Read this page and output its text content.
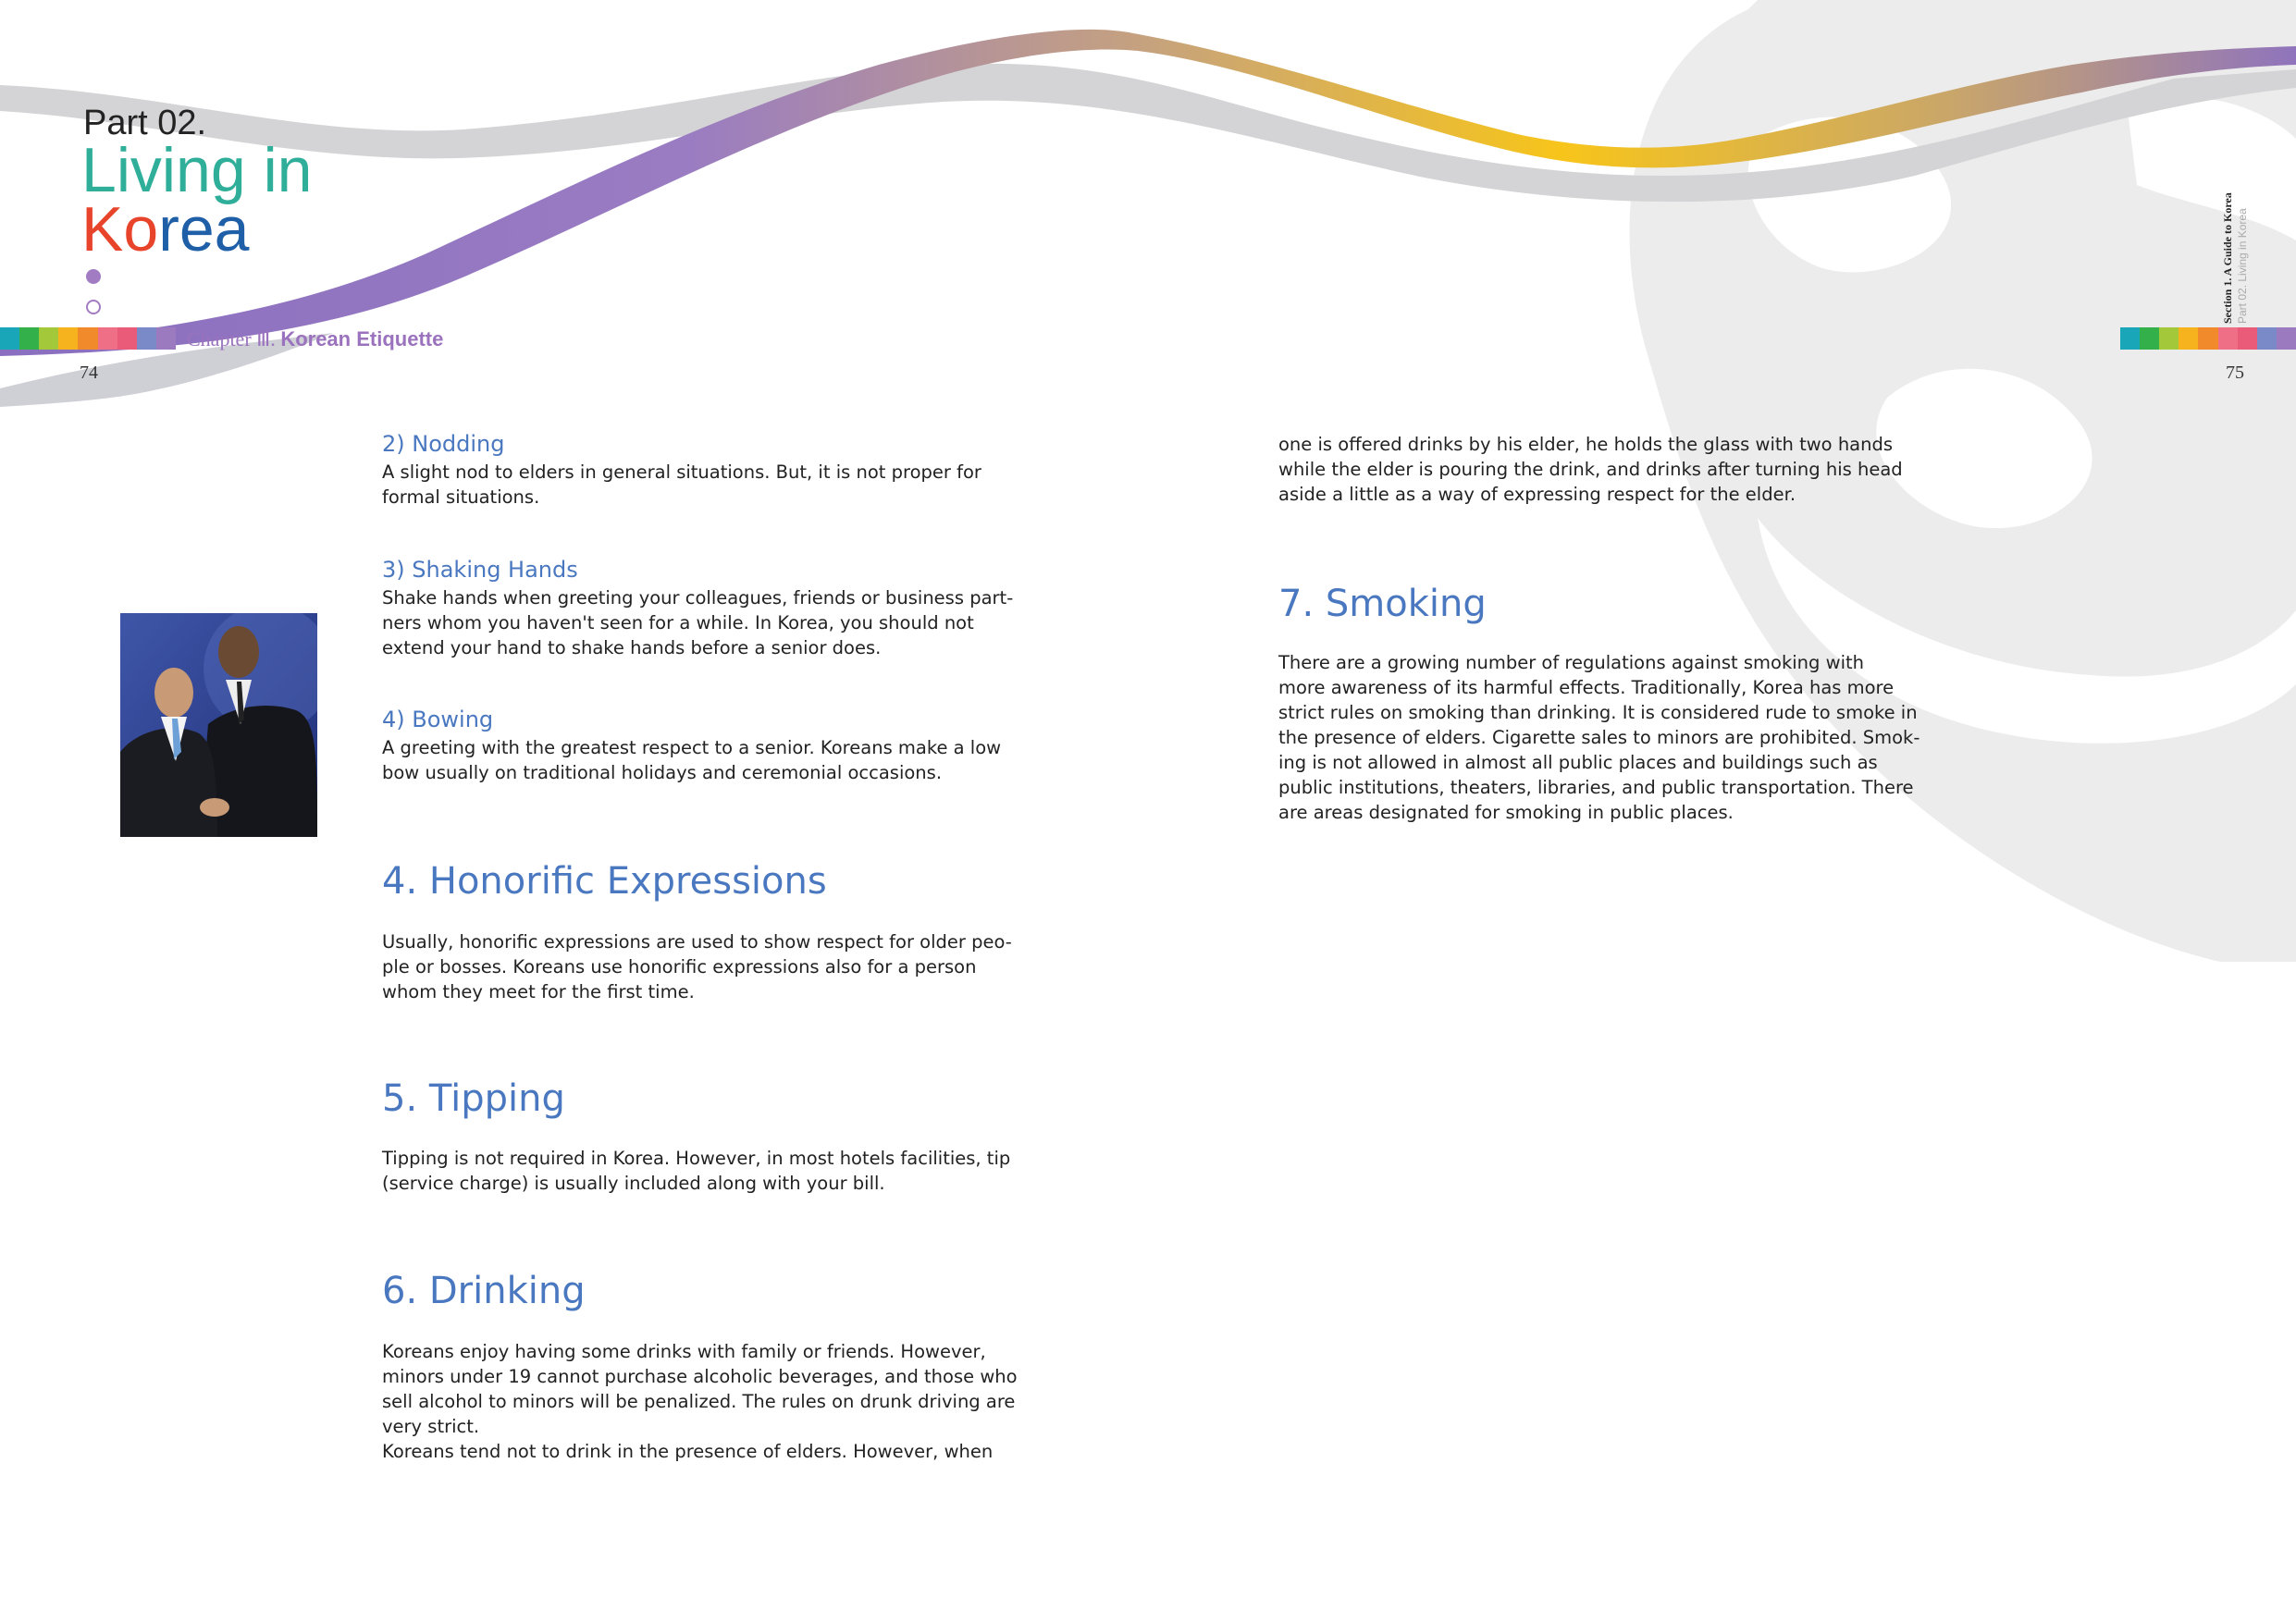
Part 02.
Living in
Korea
Chapter Ⅲ. Korean Etiquette
74	75
Section 1. A Guide to Korea Part 02. Living in Korea
2) Nodding
A slight nod to elders in general situations. But, it is not proper for
formal situations.
3) Shaking Hands
Shake hands when greeting your colleagues, friends or business part-
ners whom you haven't seen for a while. In Korea, you should not
extend your hand to shake hands before a senior does.
4) Bowing
A greeting with the greatest respect to a senior. Koreans make a low
bow usually on traditional holidays and ceremonial occasions.
4. Honorific Expressions
Usually, honorific expressions are used to show respect for older peo-
ple or bosses. Koreans use honorific expressions also for a person
whom they meet for the first time.
5. Tipping
Tipping is not required in Korea. However, in most hotels facilities, tip
(service charge) is usually included along with your bill.
6. Drinking
Koreans enjoy having some drinks with family or friends. However,
minors under 19 cannot purchase alcoholic beverages, and those who
sell alcohol to minors will be penalized. The rules on drunk driving are
very strict.
Koreans tend not to drink in the presence of elders. However, when
one is offered drinks by his elder, he holds the glass with two hands
while the elder is pouring the drink, and drinks after turning his head
aside a little as a way of expressing respect for the elder.
7. Smoking
There are a growing number of regulations against smoking with
more awareness of its harmful effects. Traditionally, Korea has more
strict rules on smoking than drinking. It is considered rude to smoke in
the presence of elders. Cigarette sales to minors are prohibited. Smok-
ing is not allowed in almost all public places and buildings such as
public institutions, theaters, libraries, and public transportation. There
are areas designated for smoking in public places.
